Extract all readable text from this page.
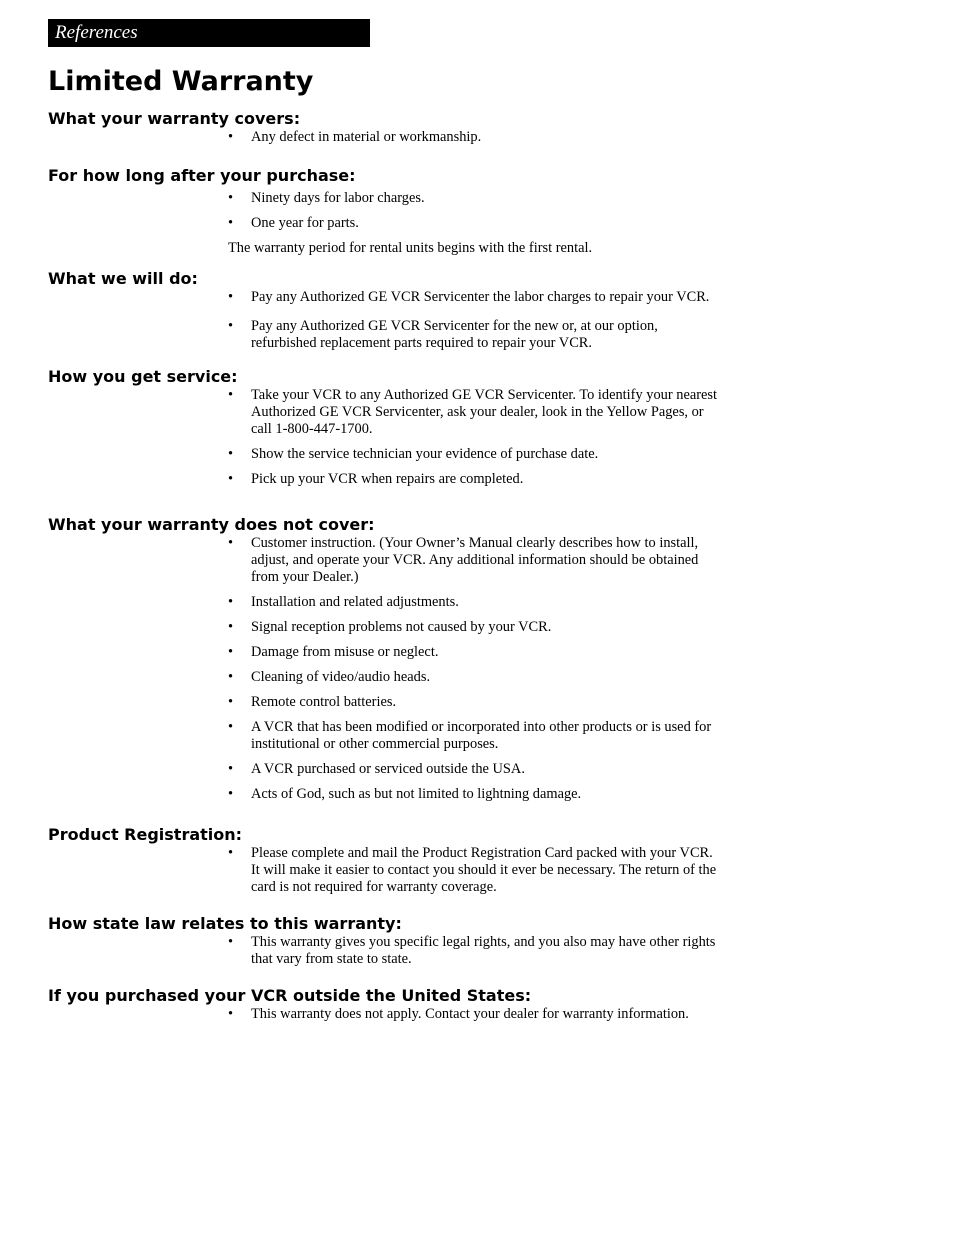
References
Limited Warranty
What your warranty covers:
• Any defect in material or workmanship.
For how long after your purchase:
• Ninety days for labor charges.
• One year for parts.

The warranty period for rental units begins with the first rental.

What we will do:
• Pay any Authorized GE VCR Servicenter the labor charges to repair your VCR.
• Pay any Authorized GE VCR Servicenter for the new or, at our option, refurbished replacement parts required to repair your VCR.
How you get service:
• Take your VCR to any Authorized GE VCR Servicenter. To identify your nearest Authorized GE VCR Servicenter, ask your dealer, look in the Yellow Pages, or call 1-800-447-1700.
• Show the service technician your evidence of purchase date.
• Pick up your VCR when repairs are completed.
What your warranty does not cover:
• Customer instruction. (Your Owner’s Manual clearly describes how to install, adjust, and operate your VCR. Any additional information should be obtained from your Dealer.)
• Installation and related adjustments.
• Signal reception problems not caused by your VCR.
• Damage from misuse or neglect.
• Cleaning of video/audio heads.
• Remote control batteries.
• A VCR that has been modified or incorporated into other products or is used for institutional or other commercial purposes.
• A VCR purchased or serviced outside the USA.
• Acts of God, such as but not limited to lightning damage.
Product Registration:
• Please complete and mail the Product Registration Card packed with your VCR. It will make it easier to contact you should it ever be necessary. The return of the card is not required for warranty coverage.
How state law relates to this warranty:
• This warranty gives you specific legal rights, and you also may have other rights that vary from state to state.
If you purchased your VCR outside the United States:
• This warranty does not apply. Contact your dealer for warranty information.
